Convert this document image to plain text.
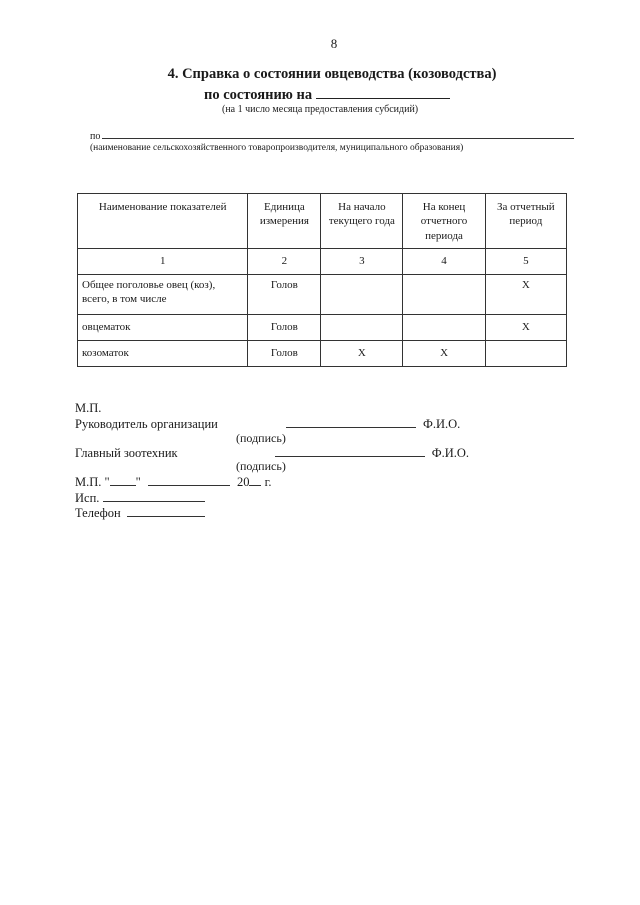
8
4. Справка о состоянии овцеводства (козоводства)
по состоянию на
(на 1 число месяца предоставления субсидий)
по
(наименование сельскохозяйственного товаропроизводителя, муниципального образования)
Наименование показателей	Единица измерения	На начало текущего года	На конец отчетного периода	За отчетный период
1	2	3	4	5
Общее поголовье овец (коз), всего, в том числе	Голов			X
овцематок	Голов			X
козоматок	Голов	X	X	
М.П.
Руководитель организации	Ф.И.О.
(подпись)
Главный зоотехник	Ф.И.О.
(подпись)
М.П. " "	20 г.
Исп.
Телефон
